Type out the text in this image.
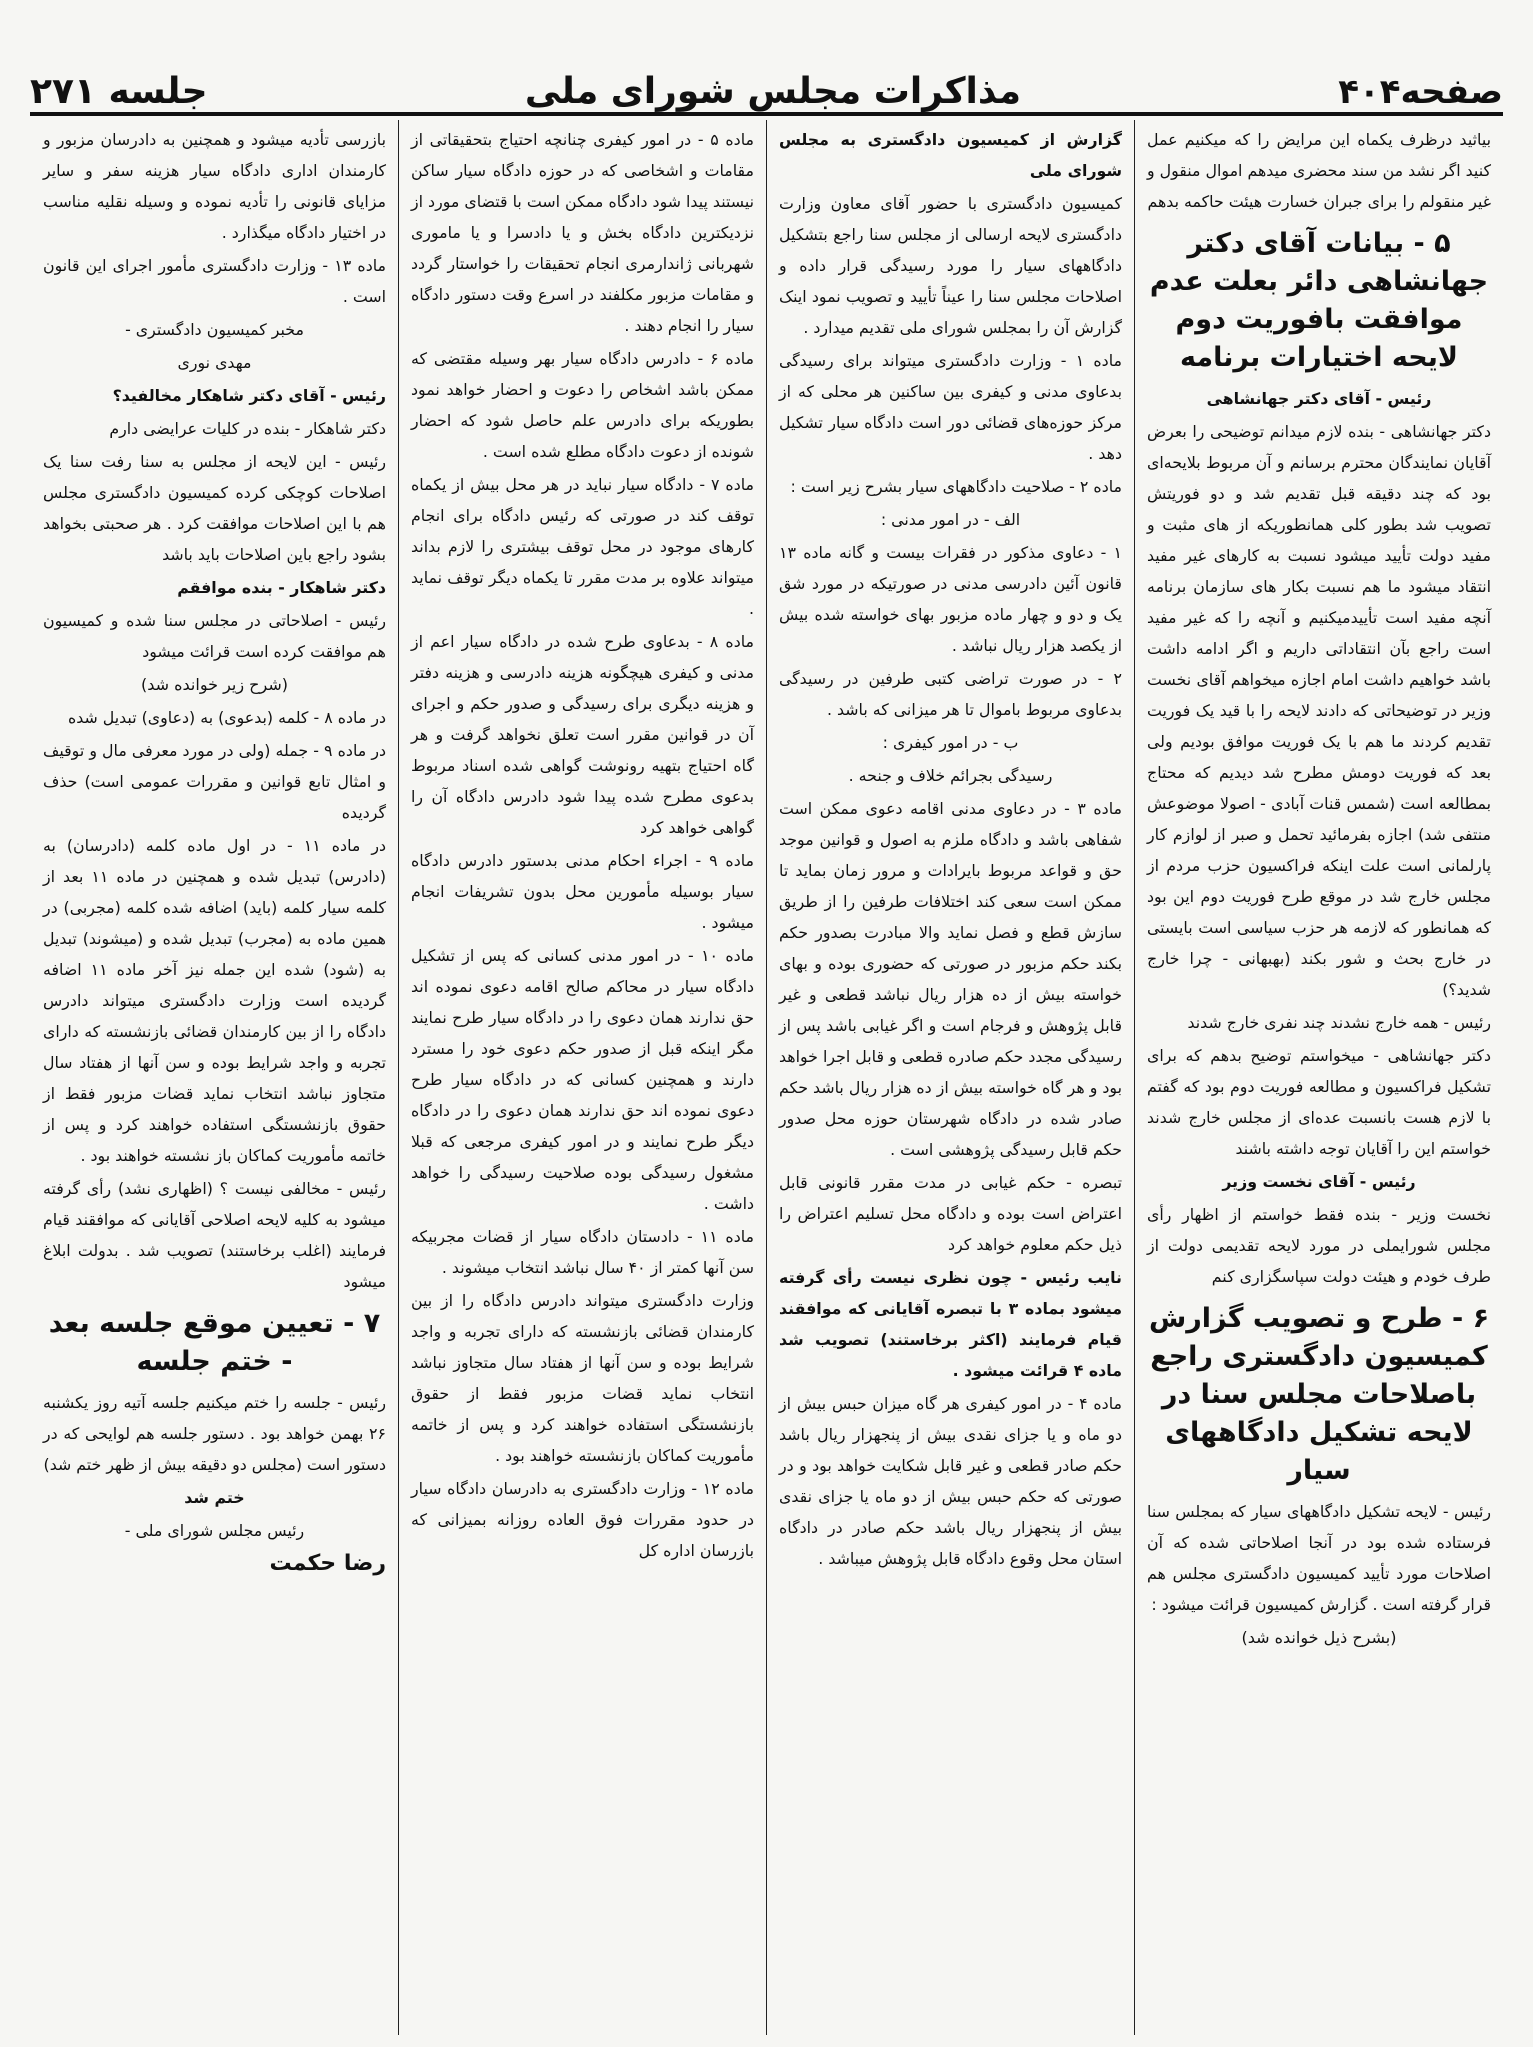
صفحه۴۰۴
مذاکرات مجلس شورای ملی
جلسه ۲۷۱

بیاثید درظرف یکماه این مرایض را که میکنیم عمل کنید اگر نشد من سند محضری میدهم اموال منقول و غیر منقولم را برای جبران خسارت هیئت حاکمه بدهم

۵ - بیانات آقای دکتر جهانشاهی دائر بعلت عدم موافقت بافوریت دوم لایحه اختیارات برنامه

رئیس - آقای دکتر جهانشاهی

دکتر جهانشاهی - بنده لازم میدانم توضیحی را بعرض آقایان نمایندگان محترم برسانم و آن مربوط بلایحه‌ای بود که چند دقیقه قبل تقدیم شد و دو فوریتش تصویب شد بطور کلی همانطوریکه از های مثبت و مفید دولت تأیید میشود نسبت به کارهای غیر مفید انتقاد میشود ما هم نسبت بکار های سازمان برنامه آنچه مفید است تأییدمیکنیم و آنچه را که غیر مفید است راجع بآن انتقاداتی داریم و اگر ادامه داشت باشد خواهیم داشت امام اجازه میخواهم آقای نخست وزیر در توضیحاتی که دادند لایحه را با قید یک فوریت تقدیم کردند ما هم با یک فوریت موافق بودیم ولی بعد که فوریت دومش مطرح شد دیدیم که محتاج بمطالعه است (شمس قنات آبادی - اصولا موضوعش منتفی شد) اجازه بفرمائید تحمل و صبر از لوازم کار پارلمانی است علت اینکه فراکسیون حزب مردم از مجلس خارج شد در موقع طرح فوریت دوم این بود که همانطور که لازمه هر حزب سیاسی است بایستی در خارج بحث و شور بکند (بهبهانی - چرا خارج شدید؟)

رئیس - همه خارج نشدند چند نفری خارج شدند

دکتر جهانشاهی - میخواستم توضیح بدهم که برای تشکیل فراکسیون و مطالعه فوریت دوم بود که گفتم با لازم هست بانسبت عده‌ای از مجلس خارج شدند خواستم این را آقایان توجه داشته باشند

رئیس - آقای نخست وزیر

نخست وزیر - بنده فقط خواستم از اظهار رأی مجلس شورایملی در مورد لایحه تقدیمی دولت از طرف خودم و هیئت دولت سپاسگزاری کنم

۶ - طرح و تصویب گزارش کمیسیون دادگستری راجع باصلاحات مجلس سنا در لایحه تشکیل دادگاههای سیار

رئیس - لایحه تشکیل دادگاههای سیار که بمجلس سنا فرستاده شده بود در آنجا اصلاحاتی شده که آن اصلاحات مورد تأیید کمیسیون دادگستری مجلس هم قرار گرفته است . گزارش کمیسیون قرائت میشود :

(بشرح ذیل خوانده شد)

گزارش از کمیسیون دادگستری به مجلس شورای ملی

کمیسیون دادگستری با حضور آقای معاون وزارت دادگستری لایحه ارسالی از مجلس سنا راجع بتشکیل دادگاههای سیار را مورد رسیدگی قرار داده و اصلاحات مجلس سنا را عیناً تأیید و تصویب نمود اینک گزارش آن را بمجلس شورای ملی تقدیم میدارد .

ماده ۱ - وزارت دادگستری میتواند برای رسیدگی بدعاوی مدنی و کیفری بین ساکنین هر محلی که از مرکز حوزه‌های قضائی دور است دادگاه سیار تشکیل دهد .

ماده ۲ - صلاحیت دادگاههای سیار بشرح زیر است :

الف - در امور مدنی :

۱ - دعاوی مذکور در فقرات بیست و گانه ماده ۱۳ قانون آئین دادرسی مدنی در صورتیکه در مورد شق یک و دو و چهار ماده مزبور بهای خواسته شده بیش از یکصد هزار ریال نباشد .

۲ - در صورت تراضی کتبی طرفین در رسیدگی بدعاوی مربوط باموال تا هر میزانی که باشد .

ب - در امور کیفری :

رسیدگی بجرائم خلاف و جنحه .

ماده ۳ - در دعاوی مدنی اقامه دعوی ممکن است شفاهی باشد و دادگاه ملزم به اصول و قوانین موجد حق و قواعد مربوط بایرادات و مرور زمان بماید تا ممکن است سعی کند اختلافات طرفین را از طریق سازش قطع و فصل نماید والا مبادرت بصدور حکم بکند حکم مزبور در صورتی که حضوری بوده و بهای خواسته بیش از ده هزار ریال نباشد قطعی و غیر قابل پژوهش و فرجام است و اگر غیابی باشد پس از رسیدگی مجدد حکم صادره قطعی و قابل اجرا خواهد بود و هر گاه خواسته بیش از ده هزار ریال باشد حکم صادر شده در دادگاه شهرستان حوزه محل صدور حکم قابل رسیدگی پژوهشی است .

تبصره - حکم غیابی در مدت مقرر قانونی قابل اعتراض است بوده و دادگاه محل تسلیم اعتراض را ذیل حکم معلوم خواهد کرد

نایب رئیس - چون نظری نیست رأی گرفته میشود بماده ۳ با تبصره آقایانی که موافقند قیام فرمایند (اکثر برخاستند) تصویب شد ماده ۴ قرائت میشود .

ماده ۴ - در امور کیفری هر گاه میزان حبس بیش از دو ماه و یا جزای نقدی بیش از پنجهزار ریال باشد حکم صادر قطعی و غیر قابل شکایت خواهد بود و در صورتی که حکم حبس بیش از دو ماه یا جزای نقدی بیش از پنجهزار ریال باشد حکم صادر در دادگاه استان محل وقوع دادگاه قابل پژوهش میباشد .

ماده ۵ - در امور کیفری چنانچه احتیاج بتحقیقاتی از مقامات و اشخاصی که در حوزه دادگاه سیار ساکن نیستند پیدا شود دادگاه ممکن است با قتضای مورد از نزدیکترین دادگاه بخش و یا دادسرا و یا ماموری شهربانی ژاندارمری انجام تحقیقات را خواستار گردد و مقامات مزبور مکلفند در اسرع وقت دستور دادگاه سیار را انجام دهند .

ماده ۶ - دادرس دادگاه سیار بهر وسیله مقتضی که ممکن باشد اشخاص را دعوت و احضار خواهد نمود بطوریکه برای دادرس علم حاصل شود که احضار شونده از دعوت دادگاه مطلع شده است .

ماده ۷ - دادگاه سیار نباید در هر محل بیش از یکماه توقف کند در صورتی که رئیس دادگاه برای انجام کارهای موجود در محل توقف بیشتری را لازم بداند میتواند علاوه بر مدت مقرر تا یکماه دیگر توقف نماید .

ماده ۸ - بدعاوی طرح شده در دادگاه سیار اعم از مدنی و کیفری هیچگونه هزینه دادرسی و هزینه دفتر و هزینه دیگری برای رسیدگی و صدور حکم و اجرای آن در قوانین مقرر است تعلق نخواهد گرفت و هر گاه احتیاج بتهیه رونوشت گواهی شده اسناد مربوط بدعوی مطرح شده پیدا شود دادرس دادگاه آن را گواهی خواهد کرد

ماده ۹ - اجراء احکام مدنی بدستور دادرس دادگاه سیار بوسیله مأمورین محل بدون تشریفات انجام میشود .

ماده ۱۰ - در امور مدنی کسانی که پس از تشکیل دادگاه سیار در محاکم صالح اقامه دعوی نموده اند حق ندارند همان دعوی را در دادگاه سیار طرح نمایند مگر اینکه قبل از صدور حکم دعوی خود را مسترد دارند و همچنین کسانی که در دادگاه سیار طرح دعوی نموده اند حق ندارند همان دعوی را در دادگاه دیگر طرح نمایند و در امور کیفری مرجعی که قبلا مشغول رسیدگی بوده صلاحیت رسیدگی را خواهد داشت .

ماده ۱۱ - دادستان دادگاه سیار از قضات مجربیکه سن آنها کمتر از ۴۰ سال نباشد انتخاب میشوند .

وزارت دادگستری میتواند دادرس دادگاه را از بین کارمندان قضائی بازنشسته که دارای تجربه و واجد شرایط بوده و سن آنها از هفتاد سال متجاوز نباشد انتخاب نماید قضات مزبور فقط از حقوق بازنشستگی استفاده خواهند کرد و پس از خاتمه مأموریت کماکان بازنشسته خواهند بود .

ماده ۱۲ - وزارت دادگستری به دادرسان دادگاه سیار در حدود مقررات فوق العاده روزانه بمیزانی که بازرسان اداره کل

بازرسی تأدیه میشود و همچنین به دادرسان مزبور و کارمندان اداری دادگاه سیار هزینه سفر و سایر مزایای قانونی را تأدیه نموده و وسیله نقلیه مناسب در اختیار دادگاه میگذارد .

ماده ۱۳ - وزارت دادگستری مأمور اجرای این قانون است .

مخبر کمیسیون دادگستری -

مهدی نوری

رئیس - آقای دکتر شاهکار مخالفید؟

دکتر شاهکار - بنده در کلیات عرایضی دارم

رئیس - این لایحه از مجلس به سنا رفت سنا یک اصلاحات کوچکی کرده کمیسیون دادگستری مجلس هم با این اصلاحات موافقت کرد . هر صحبتی بخواهد بشود راجع باین اصلاحات باید باشد

دکتر شاهکار - بنده موافقم

رئیس - اصلاحاتی در مجلس سنا شده و کمیسیون هم موافقت کرده است قرائت میشود

(شرح زیر خوانده شد)

در ماده ۸ - کلمه (بدعوی) به (دعاوی) تبدیل شده

در ماده ۹ - جمله (ولی در مورد معرفی مال و توقیف و امثال تابع قوانین و مقررات عمومی است) حذف گردیده

در ماده ۱۱ - در اول ماده کلمه (دادرسان) به (دادرس) تبدیل شده و همچنین در ماده ۱۱ بعد از کلمه سیار کلمه (باید) اضافه شده کلمه (مجربی) در همین ماده به (مجرب) تبدیل شده و (میشوند) تبدیل به (شود) شده این جمله نیز آخر ماده ۱۱ اضافه گردیده است وزارت دادگستری میتواند دادرس دادگاه را از بین کارمندان قضائی بازنشسته که دارای تجربه و واجد شرایط بوده و سن آنها از هفتاد سال متجاوز نباشد انتخاب نماید قضات مزبور فقط از حقوق بازنشستگی استفاده خواهند کرد و پس از خاتمه مأموریت کماکان باز نشسته خواهند بود .

رئیس - مخالفی نیست ؟ (اظهاری نشد) رأی گرفته میشود به کلیه لایحه اصلاحی آقایانی که موافقند قیام فرمایند (اغلب برخاستند) تصویب شد . بدولت ابلاغ میشود

۷ - تعیین موقع جلسه بعد - ختم جلسه

رئیس - جلسه را ختم میکنیم جلسه آتیه روز یکشنبه ۲۶ بهمن خواهد بود . دستور جلسه هم لوایحی که در دستور است (مجلس دو دقیقه بیش از ظهر ختم شد)

ختم شد

رئیس مجلس شورای ملی -

رضا حکمت
